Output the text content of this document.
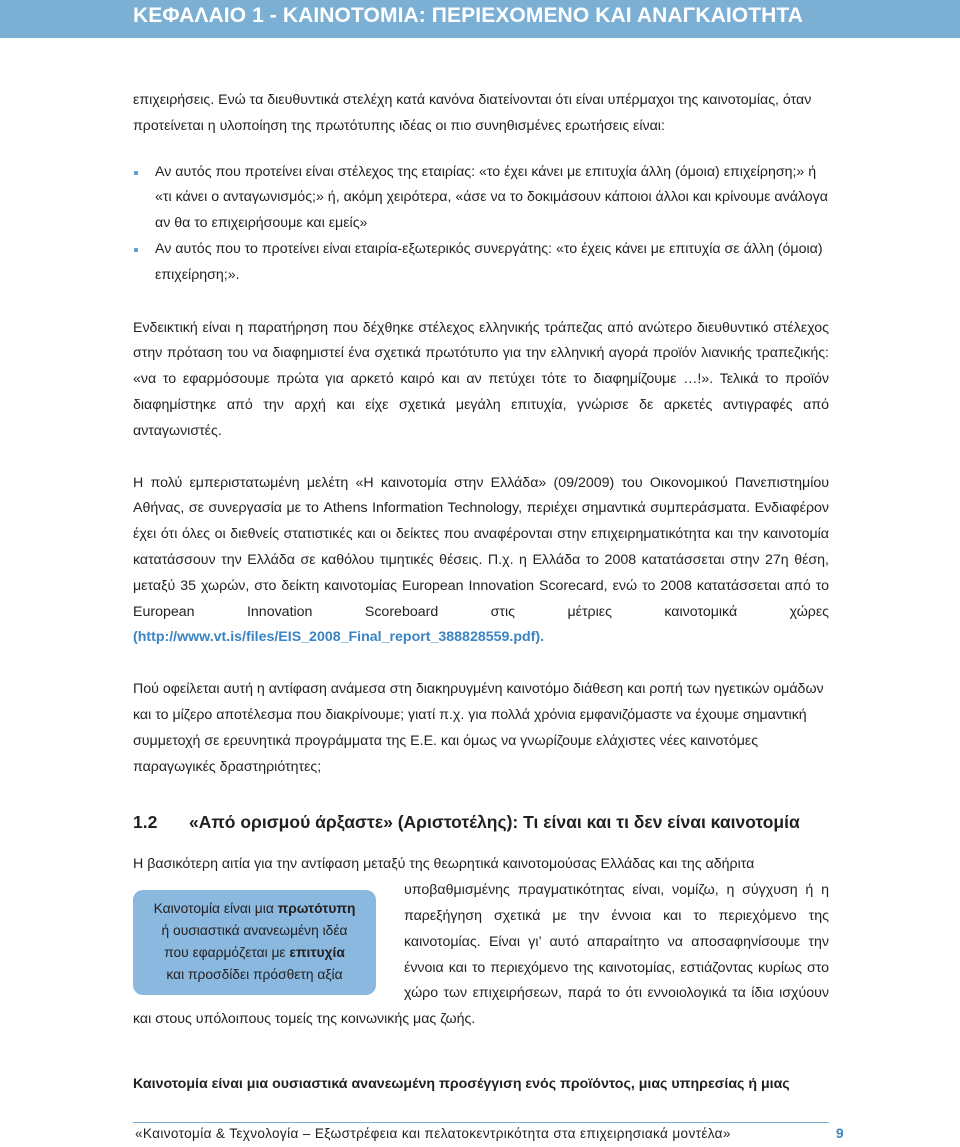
ΚΕΦΑΛΑΙΟ 1 - ΚΑΙΝΟΤΟΜΙΑ: ΠΕΡΙΕΧΟΜΕΝΟ ΚΑΙ ΑΝΑΓΚΑΙΟΤΗΤΑ

επιχειρήσεις. Ενώ τα διευθυντικά στελέχη κατά κανόνα διατείνονται ότι είναι υπέρμαχοι της καινοτομίας, όταν προτείνεται η υλοποίηση της πρωτότυπης ιδέας οι πιο συνηθισμένες ερωτήσεις είναι:

Αν αυτός που προτείνει είναι στέλεχος της εταιρίας: «το έχει κάνει με επιτυχία άλλη (όμοια) επιχείρηση;» ή «τι κάνει ο ανταγωνισμός;» ή, ακόμη χειρότερα, «άσε να το δοκιμάσουν κάποιοι άλλοι και κρίνουμε ανάλογα αν θα το επιχειρήσουμε και εμείς»
Αν αυτός που το προτείνει είναι εταιρία-εξωτερικός συνεργάτης: «το έχεις κάνει με επιτυχία σε άλλη (όμοια) επιχείρηση;».

Ενδεικτική είναι η παρατήρηση που δέχθηκε στέλεχος ελληνικής τράπεζας από ανώτερο διευθυντικό στέλεχος στην πρόταση του να διαφημιστεί ένα σχετικά πρωτότυπο για την ελληνική αγορά προϊόν λιανικής τραπεζικής: «να το εφαρμόσουμε πρώτα για αρκετό καιρό και αν πετύχει τότε το διαφημίζουμε …!». Τελικά το προϊόν διαφημίστηκε από την αρχή και είχε σχετικά μεγάλη επιτυχία, γνώρισε δε αρκετές αντιγραφές από ανταγωνιστές.

Η πολύ εμπεριστατωμένη μελέτη «Η καινοτομία στην Ελλάδα» (09/2009) του Οικονομικού Πανεπιστημίου Αθήνας, σε συνεργασία με το Athens Information Technology, περιέχει σημαντικά συμπεράσματα. Ενδιαφέρον έχει ότι όλες οι διεθνείς στατιστικές και οι δείκτες που αναφέρονται στην επιχειρηματικότητα και την καινοτομία κατατάσσουν την Ελλάδα σε καθόλου τιμητικές θέσεις. Π.χ. η Ελλάδα το 2008 κατατάσσεται στην 27η θέση, μεταξύ 35 χωρών, στο δείκτη καινοτομίας European Innovation Scorecard, ενώ το 2008 κατατάσσεται από το European Innovation Scoreboard στις μέτριες καινοτομικά χώρες (http://www.vt.is/files/EIS_2008_Final_report_388828559.pdf).

Πού οφείλεται αυτή η αντίφαση ανάμεσα στη διακηρυγμένη καινοτόμο διάθεση και ροπή των ηγετικών ομάδων και το μίζερο αποτέλεσμα που διακρίνουμε; γιατί π.χ. για πολλά χρόνια εμφανιζόμαστε να έχουμε σημαντική συμμετοχή σε ερευνητικά προγράμματα της Ε.Ε. και όμως να γνωρίζουμε ελάχιστες νέες καινοτόμες παραγωγικές δραστηριότητες;

1.2 «Από ορισμού άρξαστε» (Αριστοτέλης): Τι είναι και τι δεν είναι καινοτομία

Η βασικότερη αιτία για την αντίφαση μεταξύ της θεωρητικά καινοτομούσας Ελλάδας και της αδήριτα

Καινοτομία είναι μια πρωτότυπη
ή ουσιαστικά ανανεωμένη ιδέα
που εφαρμόζεται με επιτυχία
και προσδίδει πρόσθετη αξία

υποβαθμισμένης πραγματικότητας είναι, νομίζω, η σύγχυση ή η παρεξήγηση σχετικά με την έννοια και το περιεχόμενο της καινοτομίας. Είναι γι’ αυτό απαραίτητο να αποσαφηνίσουμε την έννοια και το περιεχόμενο της καινοτομίας, εστιάζοντας κυρίως στο χώρο των επιχειρήσεων, παρά το ότι εννοιολογικά τα ίδια ισχύουν και στους υπόλοιπους τομείς της κοινωνικής μας ζωής.

Καινοτομία είναι μια ουσιαστικά ανανεωμένη προσέγγιση ενός προϊόντος, μιας υπηρεσίας ή μιας
«Καινοτομία & Τεχνολογία – Εξωστρέφεια και πελατοκεντρικότητα στα επιχειρησιακά μοντέλα»	9
